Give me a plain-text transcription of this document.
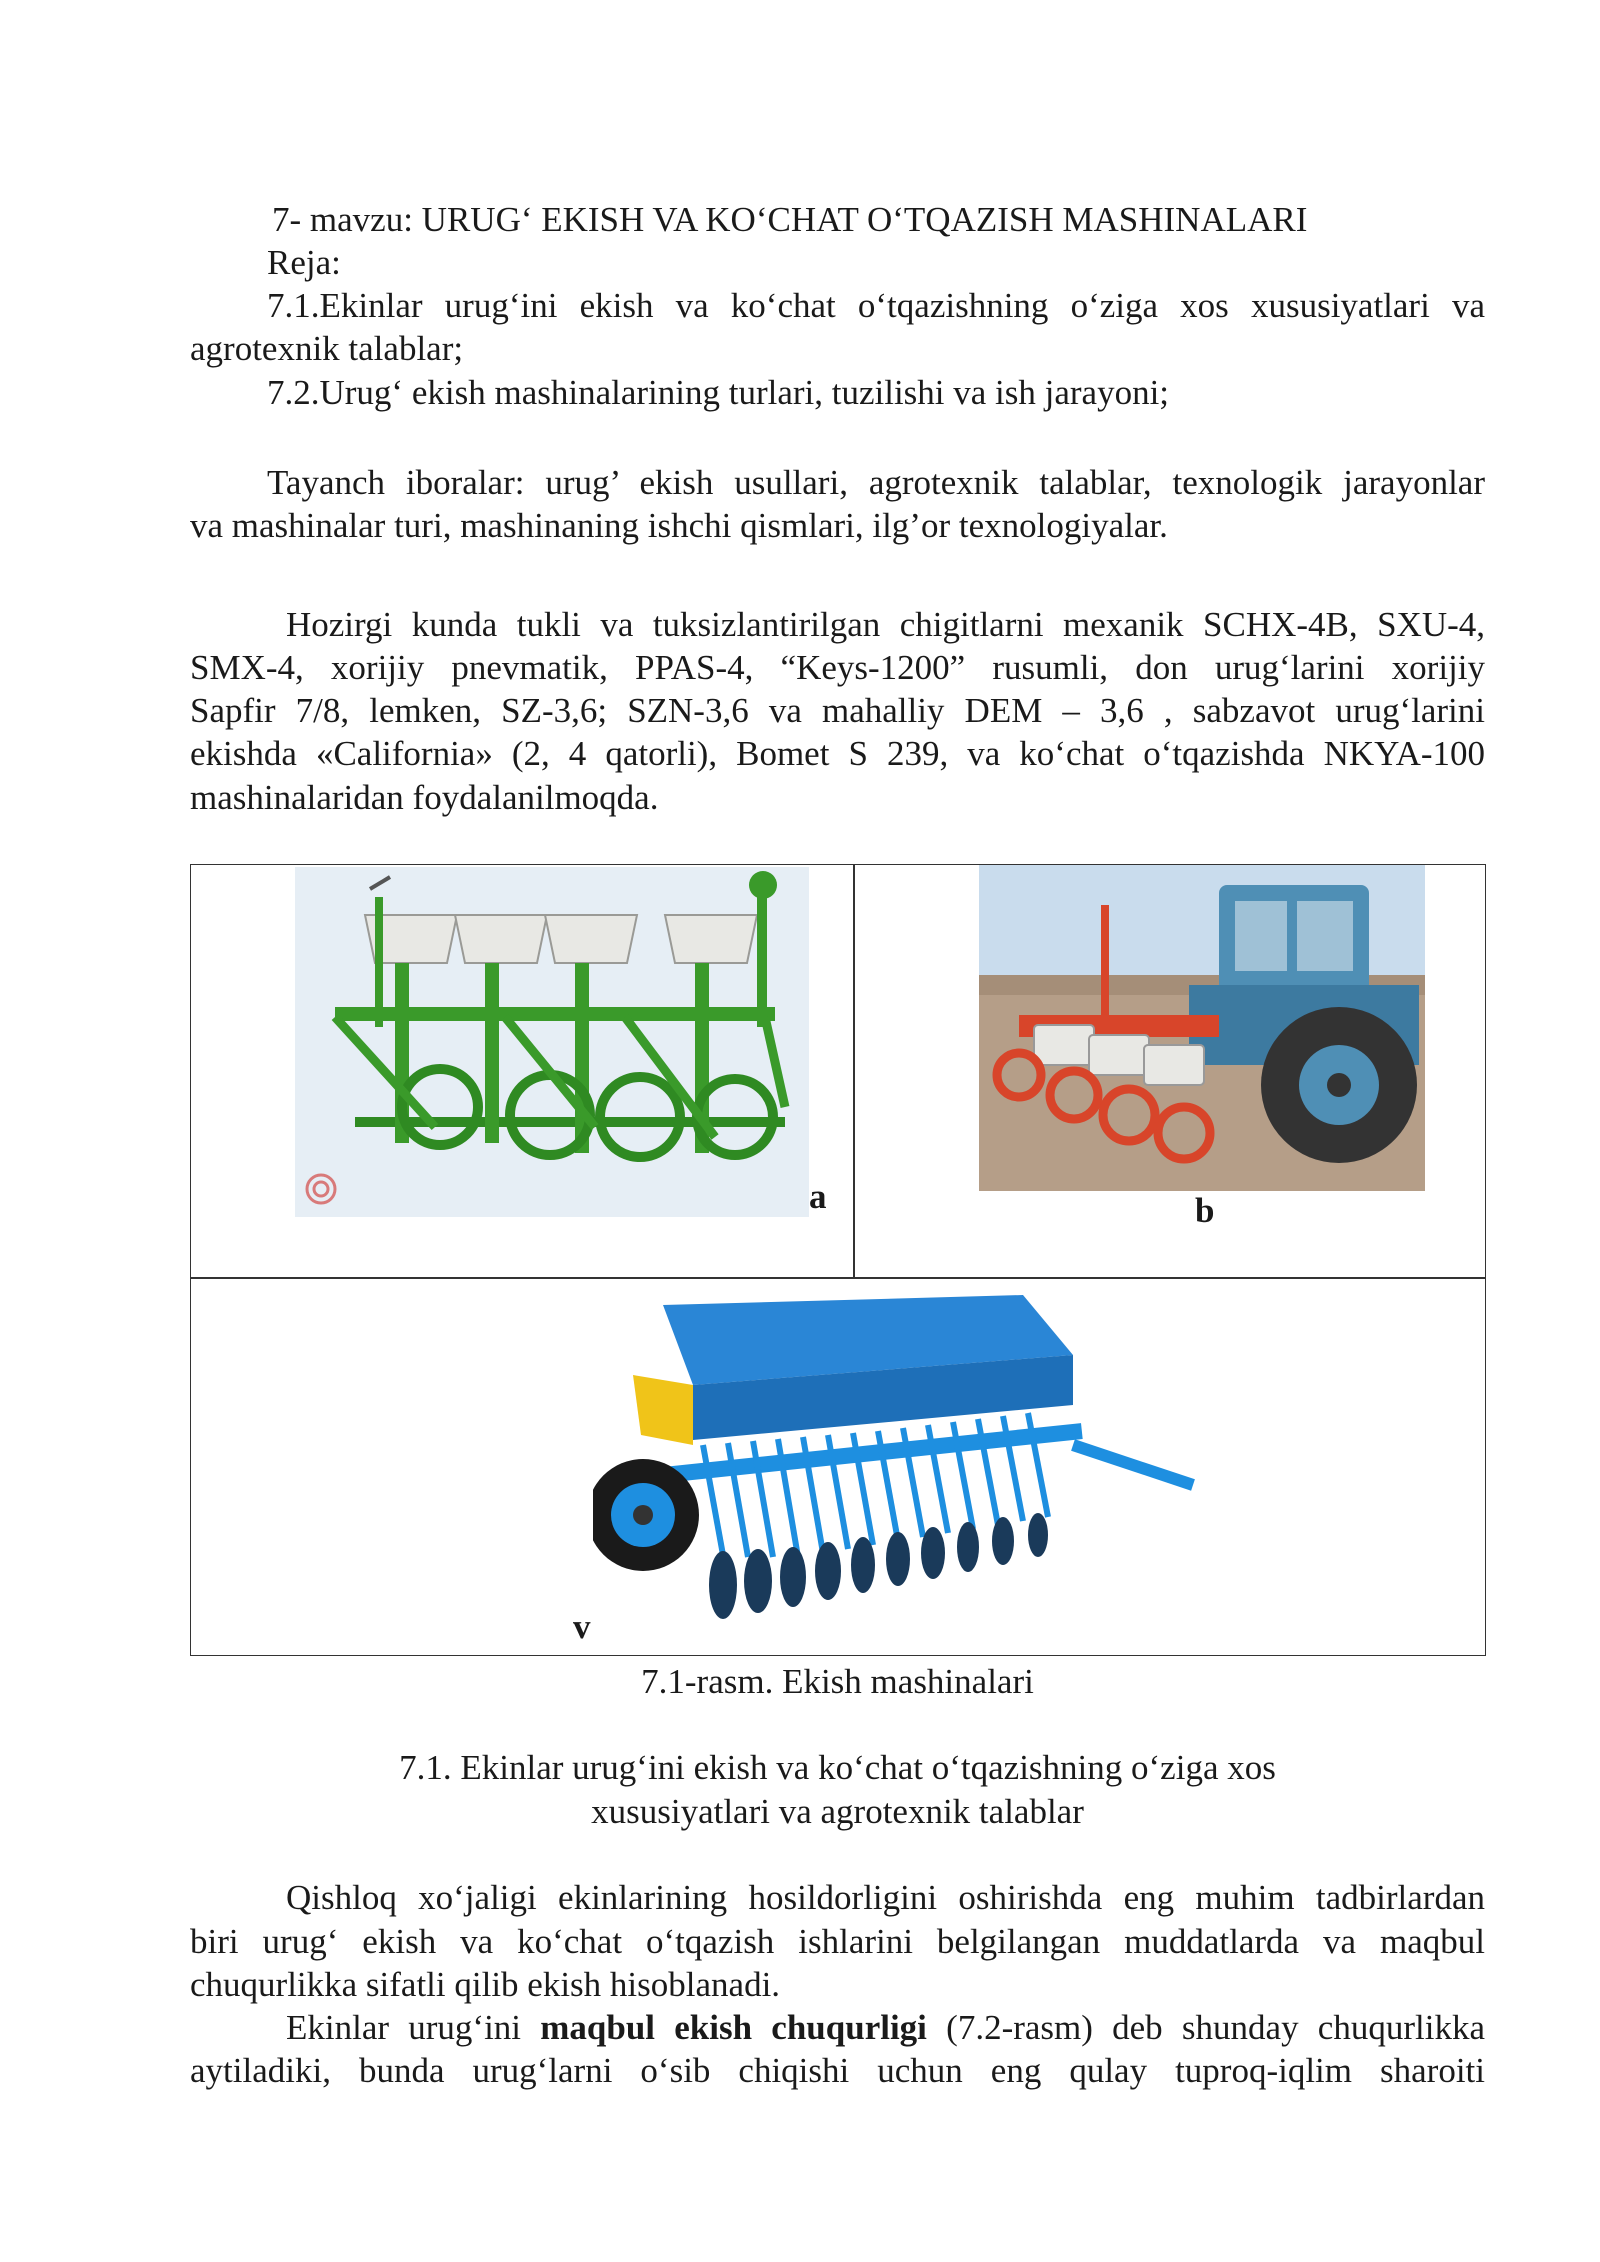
7- mavzu: URUG‘ EKISH VA KO‘CHAT O‘TQAZISH MASHINALARI
Reja:
7.1.Ekinlar urug‘ini ekish va ko‘chat o‘tqazishning o‘ziga xos xususiyatlari va
agrotexnik talablar;
7.2.Urug‘ ekish mashinalarining turlari, tuzilishi va ish jarayoni;
Tayanch iboralar: urug’ ekish usullari, agrotexnik talablar, texnologik jarayonlar
va mashinalar turi, mashinaning ishchi qismlari, ilg’or texnologiyalar.
Hozirgi kunda tukli va tuksizlantirilgan chigitlarni mexanik SCHX-4B, SXU-4,
SMX-4, xorijiy pnevmatik, PPAS-4, “Keys-1200” rusumli, don urug‘larini xorijiy
Sapfir 7/8, lemken, SZ-3,6; SZN-3,6 va mahalliy DEM – 3,6 , sabzavot urug‘larini
ekishda «California» (2, 4 qatorli), Bomet S 239, va ko‘chat o‘tqazishda NKYA-100
mashinalaridan foydalanilmoqda.
a	b
v
7.1-rasm. Ekish mashinalari
7.1. Ekinlar urug‘ini ekish va ko‘chat o‘tqazishning o‘ziga xos
xususiyatlari va agrotexnik talablar
Qishloq xo‘jaligi ekinlarining hosildorligini oshirishda eng muhim tadbirlardan
biri urug‘ ekish va ko‘chat o‘tqazish ishlarini belgilangan muddatlarda va maqbul
chuqurlikka sifatli qilib ekish hisoblanadi.
Ekinlar urug‘ini maqbul ekish chuqurligi (7.2-rasm) deb shunday chuqurlikka
aytiladiki, bunda urug‘larni o‘sib chiqishi uchun eng qulay tuproq-iqlim sharoiti
